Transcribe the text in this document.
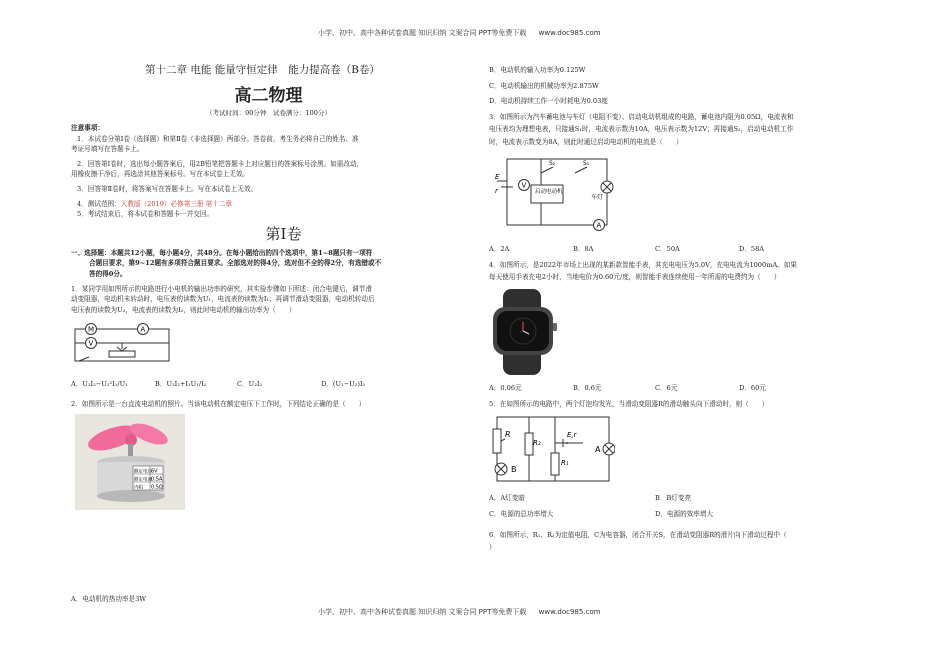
小学、初中、高中各种试卷真题 知识归纳 文案合同 PPT等免费下载 www.doc985.com
小学、初中、高中各种试卷真题 知识归纳 文案合同 PPT等免费下载 www.doc985.com
第十二章 电能 能量守恒定律　能力提高卷（B卷）
高二物理
（考试时间：90分钟　试卷满分：100分）
注意事项：

1．本试卷分第Ⅰ卷（选择题）和第Ⅱ卷（非选择题）两部分。答卷前，考生务必将自己的姓名、准

考证号填写在答题卡上。

2．回答第Ⅰ卷时，选出每小题答案后，用2B铅笔把答题卡上对应题目的答案标号涂黑。如需改动，

用橡皮擦干净后，再选涂其他答案标号。写在本试卷上无效。

3．回答第Ⅱ卷时，将答案写在答题卡上。写在本试卷上无效。

4．测试范围：人教版（2019）必修第三册 第十二章

5．考试结束后，将本试卷和答题卡一并交回。

第Ⅰ卷

一、选择题：本题共12小题，每小题4分，共48分。在每小题给出的四个选项中，第1~8题只有一项符

合题目要求，第9~12题有多项符合题目要求。全部选对的得4分，选对但不全的得2分，有选错或不

答的得0分。

1．某同学用如图所示的电路进行小电机的输出功率的研究，其实验步骤如下所述：闭合电键后，调节滑

动变阻器，电动机未转动时，电压表的读数为U₁，电流表的读数为I₁；再调节滑动变阻器，电动机转动后

电压表的读数为U₂，电流表的读数为I₂，则此时电动机的输出功率为（　　）

M
V
A
A．U₂I₂−U₂²I₁/U₁	B．U₂I₂+I₁U₁/I₂	C．U₂I₂	D．(U₁−U₂)I₂
2．如图所示是一台直流电动机的照片。当该电动机在额定电压下工作时，下列结论正确的是（　　）
额定电压 6V
额定电流 0.5A
内阻 0.5Ω
A．电动机的热功率是3W

B．电动机的输入功率为0.125W

C．电动机输出的机械功率为2.875W

D．电动机持续工作一小时耗电为0.03度

3．如图所示为汽车蓄电池与车灯（电阻不变）、启动电动机组成的电路，蓄电池内阻为0.05Ω，电流表和

电压表均为理想电表，只接通S₁时，电流表示数为10A，电压表示数为12V；再接通S₂，启动电动机工作

时，电流表示数变为8A，则此时通过启动电动机的电流是（　　）

E
r
V
S₂	S₁
启动电动机
车灯
A
A．2A	B．8A	C．50A	D．58A

4．如图所示，是2022年市场上出现的某新款智能手表，其充电电压为5.0V，充电电流为1000mA。如果

每天使用手表充电2小时，当地电价为0.60元/度，则智能手表连续使用一年所需的电费约为（　　）

A．0.06元	B．0.6元	C．6元	D．60元
5．在如图所示的电路中，两个灯泡均发光，当滑动变阻器R的滑动触头向下滑动时，则（　　）
R
R₂
R₁
E,r
A
B
A．A灯变暗	B．B灯变亮
C．电源的总功率增大	D．电源的效率增大

6．如图所示，R₁、R₂为定值电阻，C为电容器，闭合开关S，在滑动变阻器R的滑片向下滑动过程中（

）
